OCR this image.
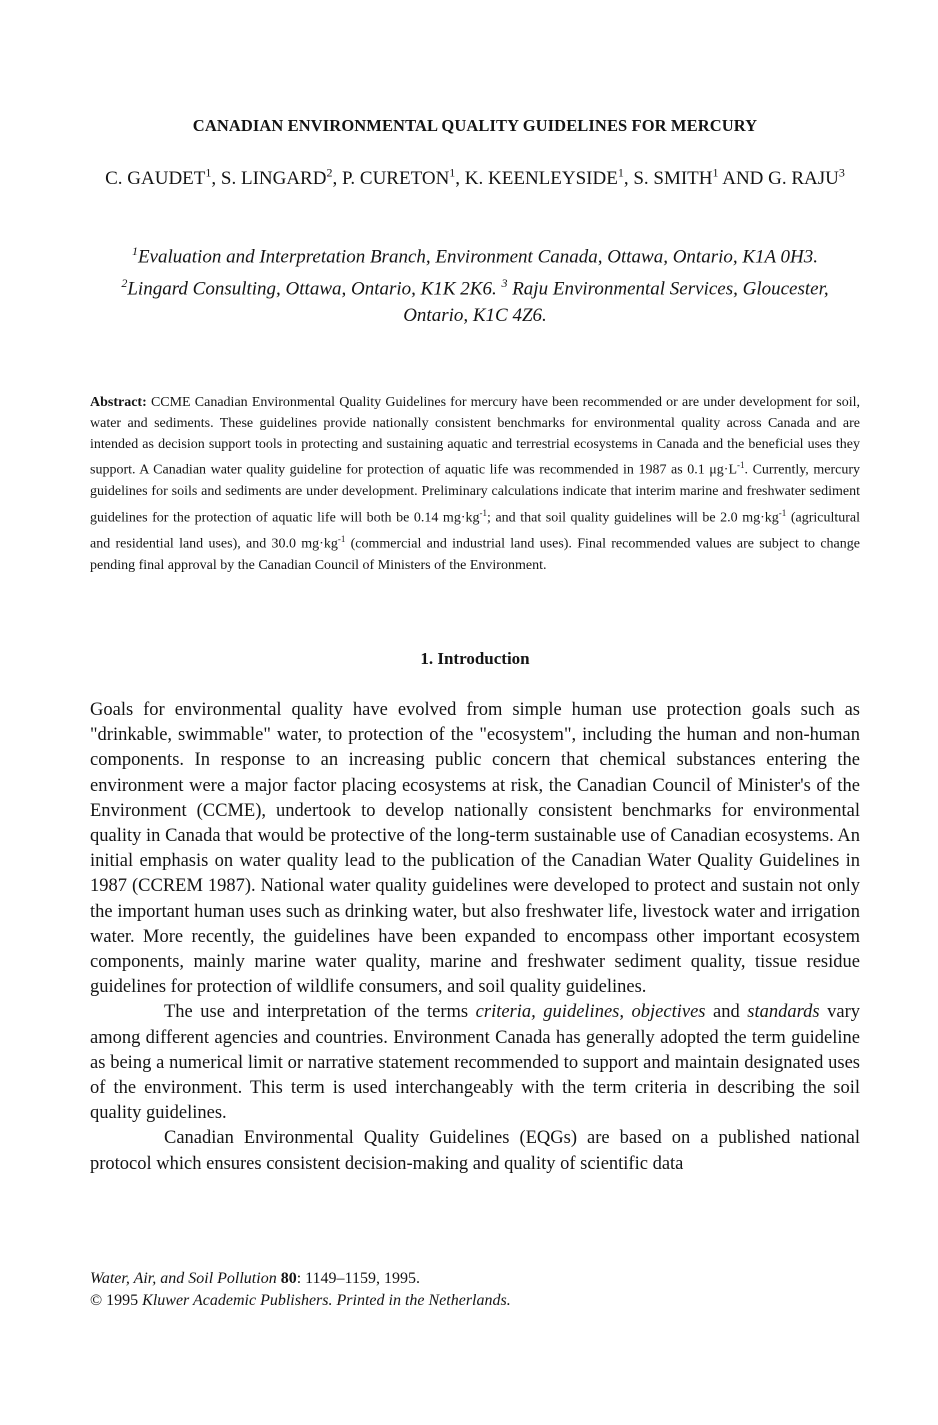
CANADIAN ENVIRONMENTAL QUALITY GUIDELINES FOR MERCURY

C. GAUDET$^1$, S. LINGARD$^2$, P. CURETON$^1$, K. KEENLEYSIDE$^1$, S. SMITH$^1$ AND G. RAJU$^3$

$^1$Evaluation and Interpretation Branch, Environment Canada, Ottawa, Ontario, K1A 0H3.
$^2$Lingard Consulting, Ottawa, Ontario, K1K 2K6. $^3$ Raju Environmental Services, Gloucester, Ontario, K1C 4Z6.

Abstract: CCME Canadian Environmental Quality Guidelines for mercury have been recommended or are under development for soil, water and sediments. These guidelines provide nationally consistent benchmarks for environmental quality across Canada and are intended as decision support tools in protecting and sustaining aquatic and terrestrial ecosystems in Canada and the beneficial uses they support. A Canadian water quality guideline for protection of aquatic life was recommended in 1987 as 0.1 $\mu g\cdot L^{-1}$. Currently, mercury guidelines for soils and sediments are under development. Preliminary calculations indicate that interim marine and freshwater sediment guidelines for the protection of aquatic life will both be 0.14 $mg\cdot kg^{-1}$; and that soil quality guidelines will be 2.0 $mg\cdot kg^{-1}$ (agricultural and residential land uses), and 30.0 $mg\cdot kg^{-1}$ (commercial and industrial land uses). Final recommended values are subject to change pending final approval by the Canadian Council of Ministers of the Environment.

1. Introduction

Goals for environmental quality have evolved from simple human use protection goals such as "drinkable, swimmable" water, to protection of the "ecosystem", including the human and non-human components. In response to an increasing public concern that chemical substances entering the environment were a major factor placing ecosystems at risk, the Canadian Council of Minister's of the Environment (CCME), undertook to develop nationally consistent benchmarks for environmental quality in Canada that would be protective of the long-term sustainable use of Canadian ecosystems. An initial emphasis on water quality lead to the publication of the Canadian Water Quality Guidelines in 1987 (CCREM 1987). National water quality guidelines were developed to protect and sustain not only the important human uses such as drinking water, but also freshwater life, livestock water and irrigation water. More recently, the guidelines have been expanded to encompass other important ecosystem components, mainly marine water quality, marine and freshwater sediment quality, tissue residue guidelines for protection of wildlife consumers, and soil quality guidelines.

The use and interpretation of the terms criteria, guidelines, objectives and standards vary among different agencies and countries. Environment Canada has generally adopted the term guideline as being a numerical limit or narrative statement recommended to support and maintain designated uses of the environment. This term is used interchangeably with the term criteria in describing the soil quality guidelines.

Canadian Environmental Quality Guidelines (EQGs) are based on a published national protocol which ensures consistent decision-making and quality of scientific data

Water, Air, and Soil Pollution 80: 1149–1159, 1995.
© 1995 Kluwer Academic Publishers. Printed in the Netherlands.
